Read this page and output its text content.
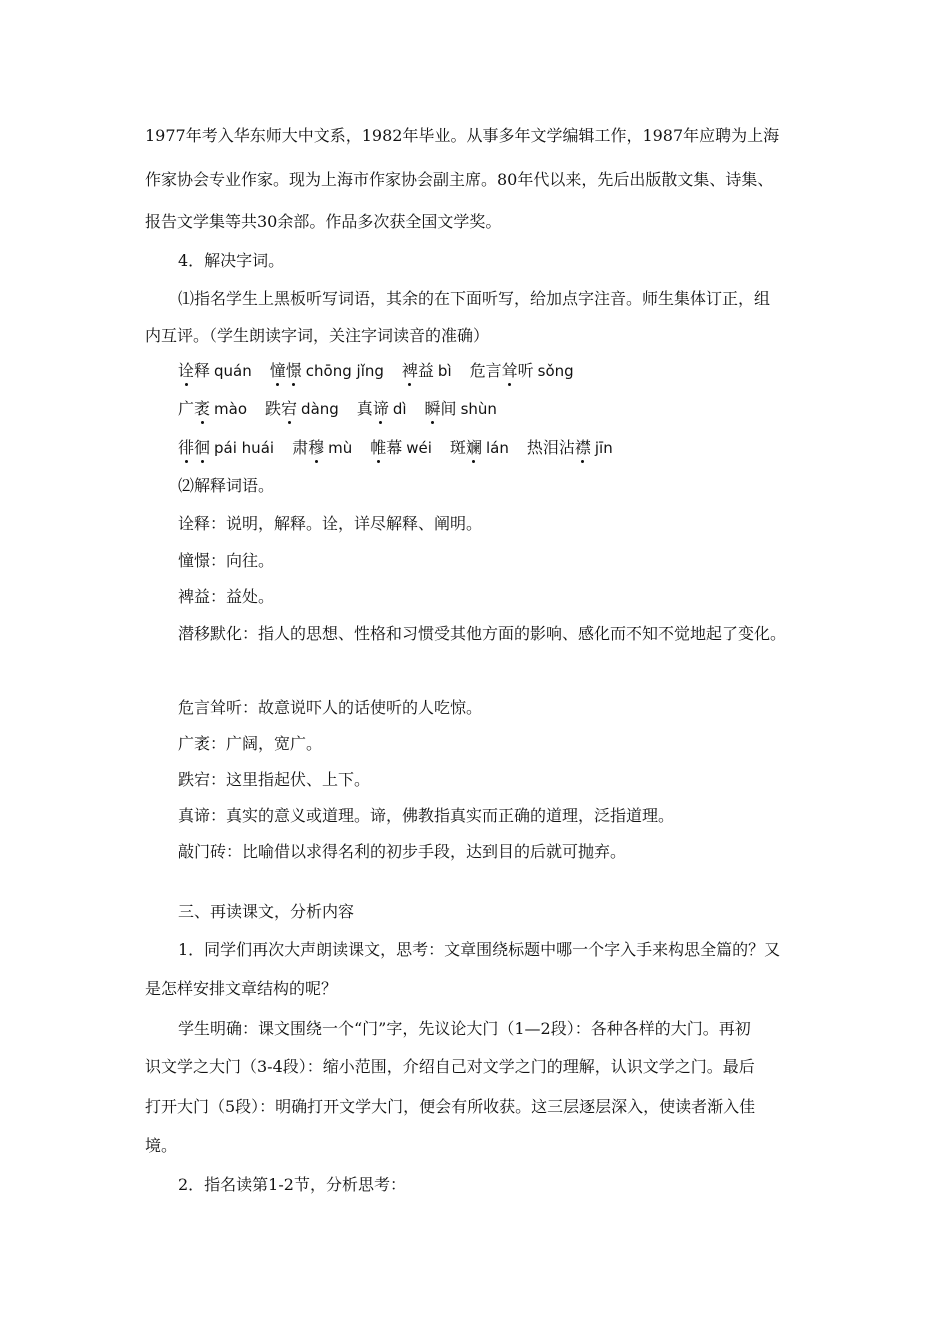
1977年考入华东师大中文系，1982年毕业。从事多年文学编辑工作，1987年应聘为上海
作家协会专业作家。现为上海市作家协会副主席。80年代以来，先后出版散文集、诗集、
报告文学集等共30余部。作品多次获全国文学奖。
4．解决字词。
⑴指名学生上黑板听写词语，其余的在下面听写，给加点字注音。师生集体订正，组
内互评。（学生朗读字词，关注字词读音的准确）
诠释 quán 憧憬 chōng jǐng 裨益 bì 危言耸听 sǒng
广袤 mào 跌宕 dàng 真谛 dì 瞬间 shùn
徘徊 pái huái 肃穆 mù 帷幕 wéi 斑斓 lán 热泪沾襟 jīn
⑵解释词语。
诠释：说明，解释。诠，详尽解释、阐明。
憧憬：向往。
裨益：益处。
潜移默化：指人的思想、性格和习惯受其他方面的影响、感化而不知不觉地起了变化。
危言耸听：故意说吓人的话使听的人吃惊。
广袤：广阔，宽广。
跌宕：这里指起伏、上下。
真谛：真实的意义或道理。谛，佛教指真实而正确的道理，泛指道理。
敲门砖：比喻借以求得名利的初步手段，达到目的后就可抛弃。
三、再读课文，分析内容
1．同学们再次大声朗读课文，思考：文章围绕标题中哪一个字入手来构思全篇的？又
是怎样安排文章结构的呢？
学生明确：课文围绕一个“门”字，先议论大门（1—2段）：各种各样的大门。再初
识文学之大门（3-4段）：缩小范围，介绍自己对文学之门的理解，认识文学之门。最后
打开大门（5段）：明确打开文学大门，便会有所收获。这三层逐层深入，使读者渐入佳
境。
2．指名读第1-2节，分析思考：
